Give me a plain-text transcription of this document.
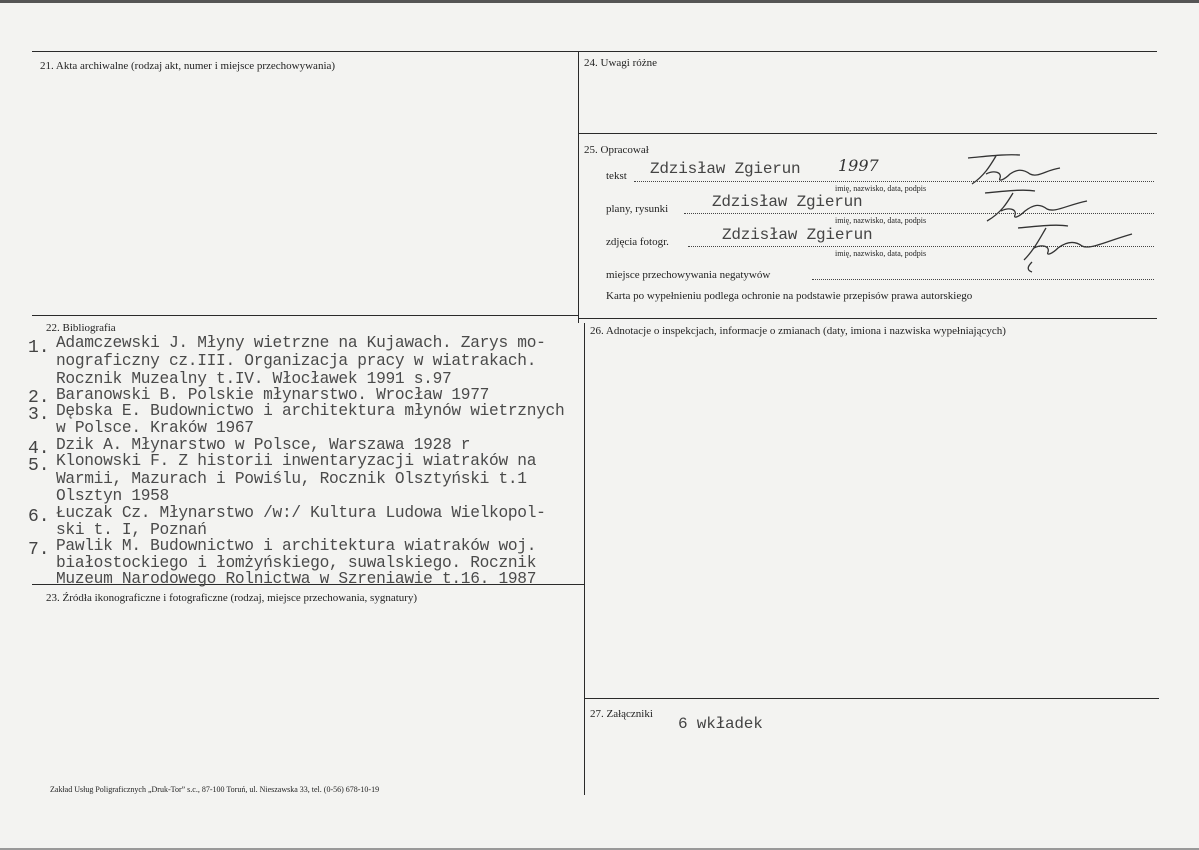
21. Akta archiwalne (rodzaj akt, numer i miejsce przechowywania)	24. Uwagi różne
25. Opracował
tekst Zdzisław Zgierun 1997
imię, nazwisko, data, podpis
plany, rysunki	Zdzisław Zgierun
imię, nazwisko, data, podpis
zdjęcia fotogr.	Zdzisław Zgierun
imię, nazwisko, data, podpis
miejsce przechowywania negatywów
Karta po wypełnieniu podlega ochronie na podstawie przepisów prawa autorskiego
22. Bibliografia
1. Adamczewski J. Młyny wietrzne na Kujawach. Zarys mo-
nograficzny cz.III. Organizacja pracy w wiatrakach.
Rocznik Muzealny t.IV. Włocławek 1991 s.97
2. Baranowski B. Polskie młynarstwo. Wrocław 1977
3. Dębska E. Budownictwo i architektura młynów wietrznych
w Polsce. Kraków 1967
4. Dzik A. Młynarstwo w Polsce, Warszawa 1928 r
5. Klonowski F. Z historii inwentaryzacji wiatraków na
Warmii, Mazurach i Powiślu, Rocznik Olsztyński t.1
Olsztyn 1958
6. Łuczak Cz. Młynarstwo /w:/ Kultura Ludowa Wielkopol-
ski t. I, Poznań
7. Pawlik M. Budownictwo i architektura wiatraków woj.
białostockiego i łomżyńskiego, suwalskiego. Rocznik
Muzeum Narodowego Rolnictwa w Szreniawie t.16. 1987
23. Źródła ikonograficzne i fotograficzne (rodzaj, miejsce przechowania, sygnatury)
26. Adnotacje o inspekcjach, informacje o zmianach (daty, imiona i nazwiska wypełniających)
27. Załączniki
6 wkładek
Zakład Usług Poligraficznych „Druk-Tor” s.c., 87-100 Toruń, ul. Nieszawska 33, tel. (0-56) 678-10-19
